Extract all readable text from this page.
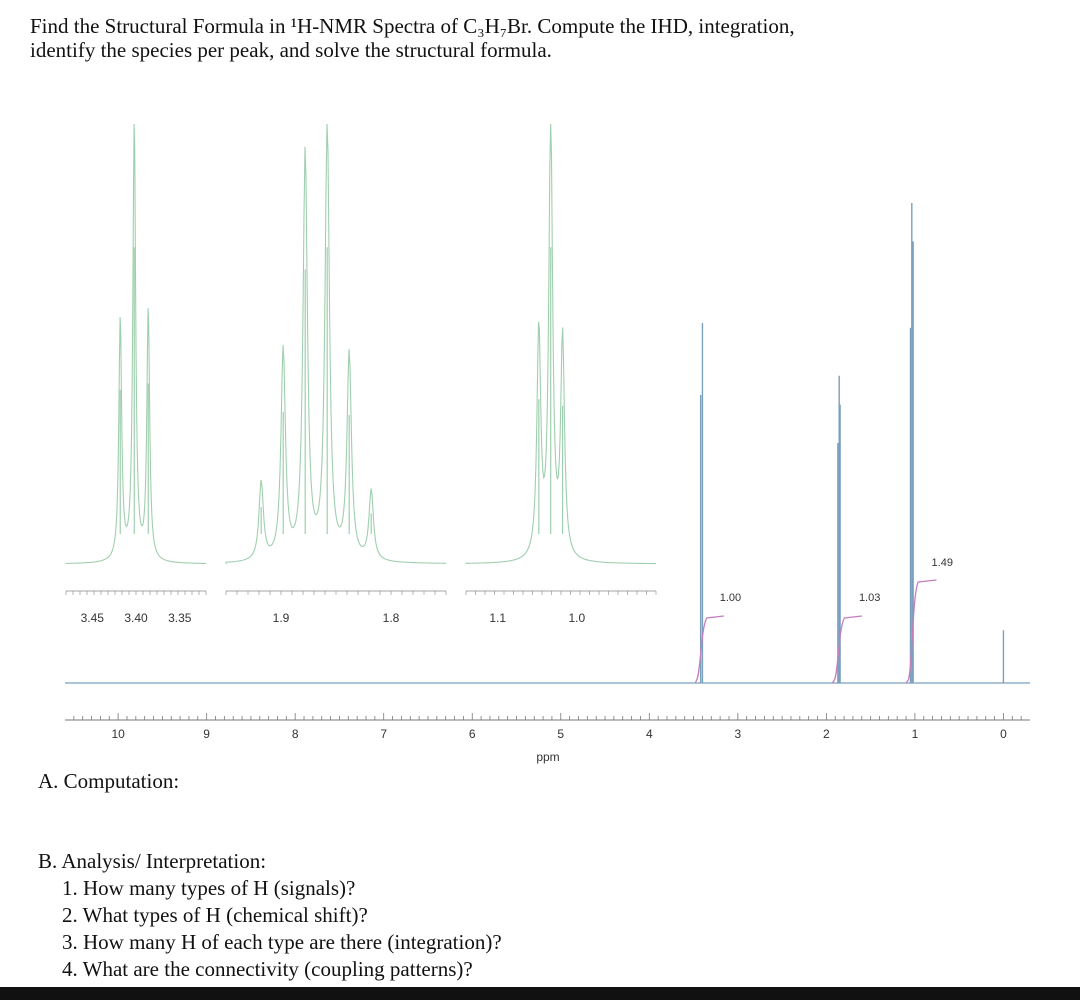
Find the Structural Formula in ¹H-NMR Spectra of C₃H₇Br. Compute the IHD, integration,
identify the species per peak, and solve the structural formula.
3.45 3.40 3.35	1.9	1.8	1.1	1.0
1.00	1.03
1.49
10	9	8	7	6	5	4	3	2	1	0
ppm
A. Computation:
B. Analysis/ Interpretation:
1. How many types of H (signals)?
2. What types of H (chemical shift)?
3. How many H of each type are there (integration)?
4. What are the connectivity (coupling patterns)?
